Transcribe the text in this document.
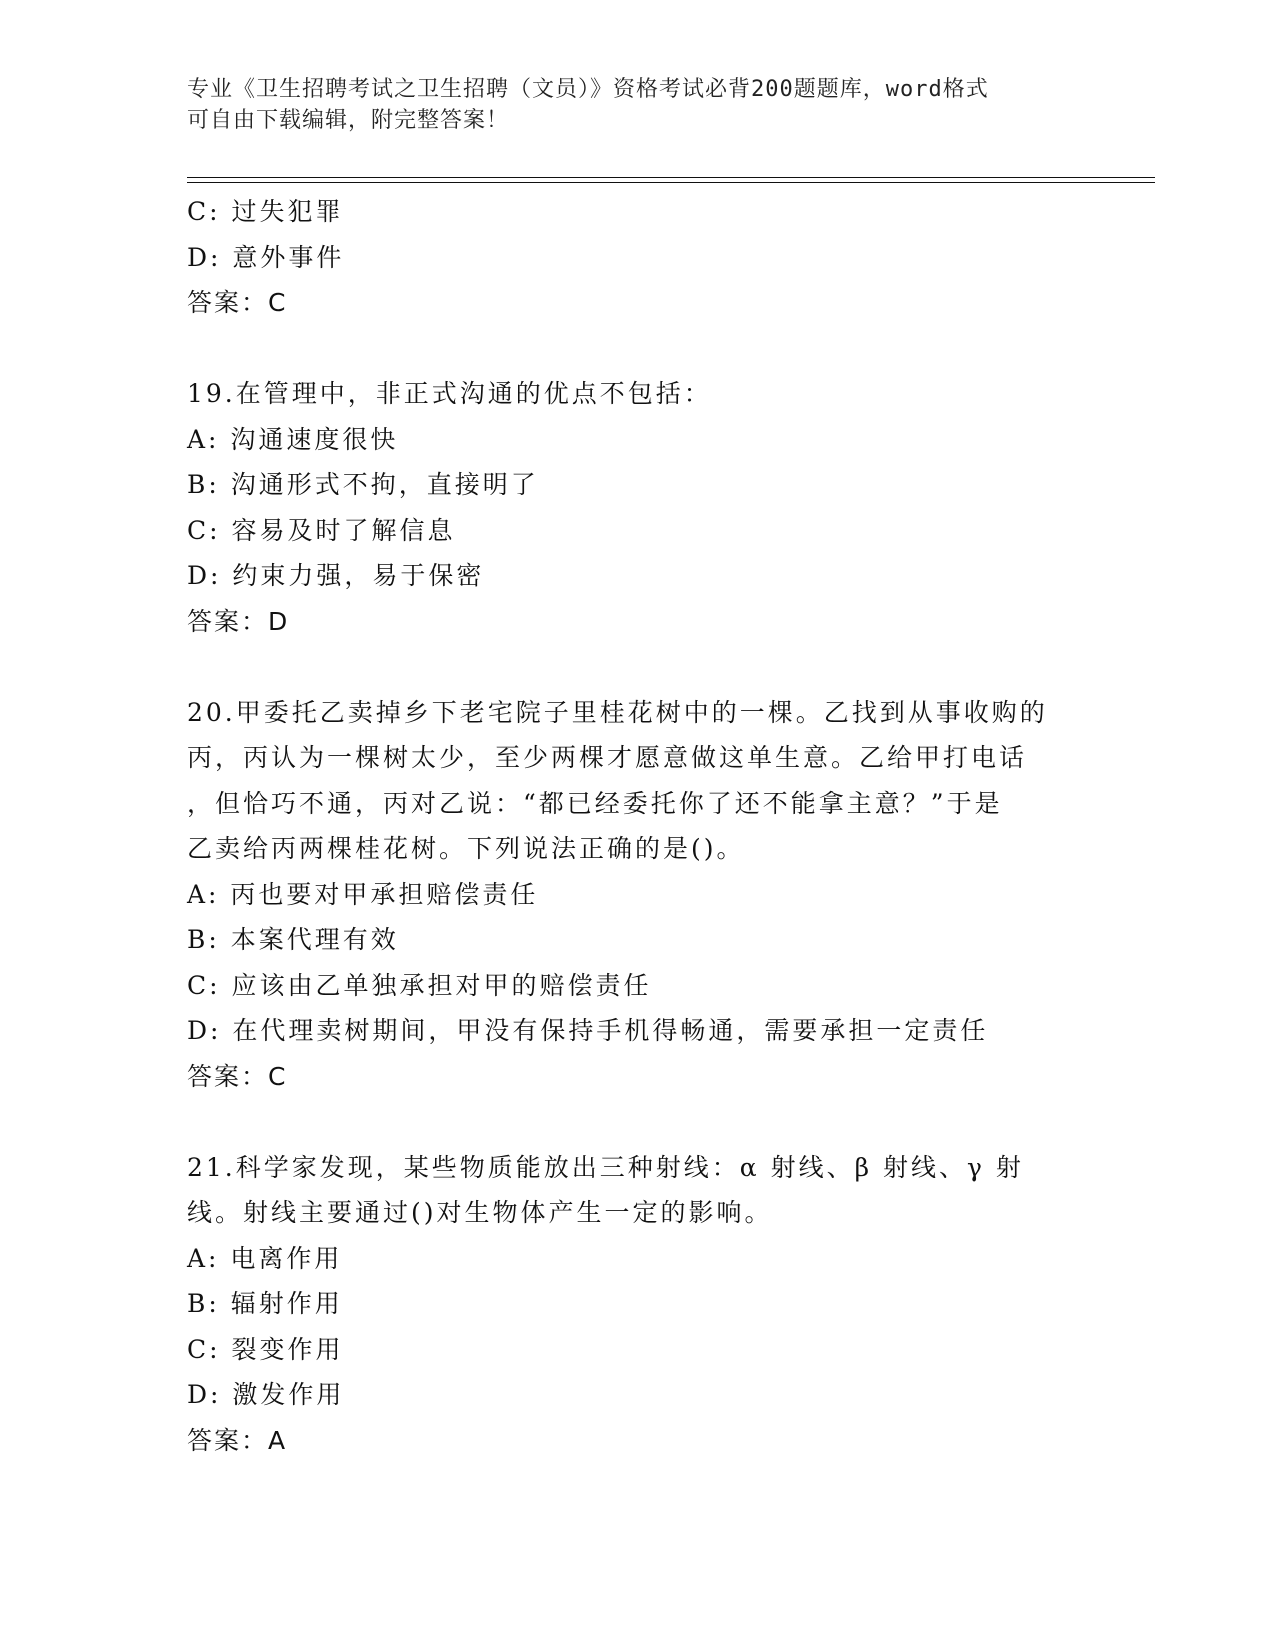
专业《卫生招聘考试之卫生招聘（文员）》资格考试必背200题题库，word格式
可自由下载编辑，附完整答案！
C: 过失犯罪
D: 意外事件
答案：C
19.在管理中，非正式沟通的优点不包括：
A: 沟通速度很快
B: 沟通形式不拘，直接明了
C: 容易及时了解信息
D: 约束力强，易于保密
答案：D
20.甲委托乙卖掉乡下老宅院子里桂花树中的一棵。乙找到从事收购的
丙，丙认为一棵树太少，至少两棵才愿意做这单生意。乙给甲打电话
，但恰巧不通，丙对乙说：“都已经委托你了还不能拿主意？”于是
乙卖给丙两棵桂花树。下列说法正确的是()。
A: 丙也要对甲承担赔偿责任
B: 本案代理有效
C: 应该由乙单独承担对甲的赔偿责任
D: 在代理卖树期间，甲没有保持手机得畅通，需要承担一定责任
答案：C
21.科学家发现，某些物质能放出三种射线：α 射线、β 射线、γ 射
线。射线主要通过()对生物体产生一定的影响。
A: 电离作用
B: 辐射作用
C: 裂变作用
D: 激发作用
答案：A
